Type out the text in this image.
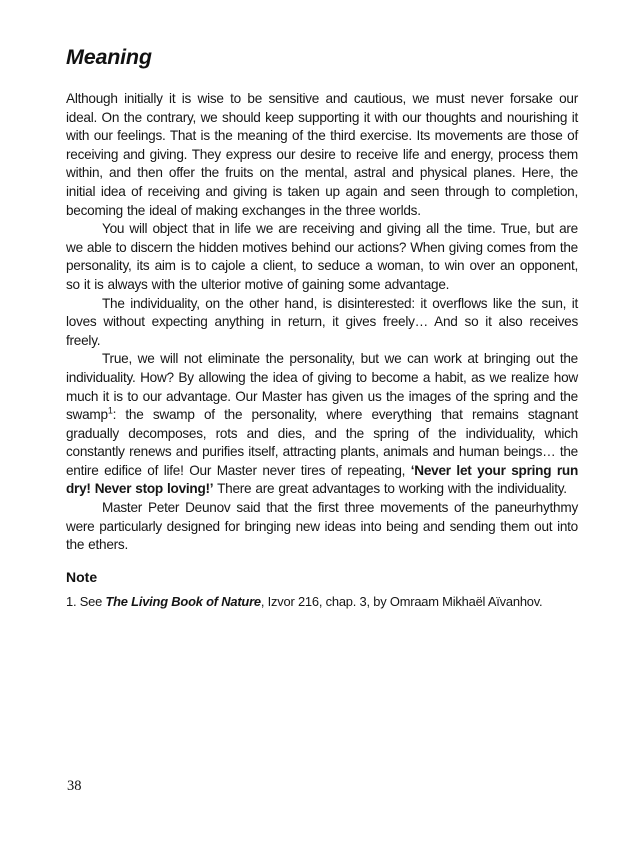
Meaning

Although initially it is wise to be sensitive and cautious, we must never forsake our ideal. On the contrary, we should keep supporting it with our thoughts and nourishing it with our feelings. That is the meaning of the third exercise. Its movements are those of receiving and giving. They express our desire to receive life and energy, process them within, and then offer the fruits on the mental, astral and physical planes. Here, the initial idea of receiving and giving is taken up again and seen through to completion, becoming the ideal of making exchanges in the three worlds.

You will object that in life we are receiving and giving all the time. True, but are we able to discern the hidden motives behind our actions? When giving comes from the personality, its aim is to cajole a client, to seduce a woman, to win over an opponent, so it is always with the ulterior motive of gaining some advantage.

The individuality, on the other hand, is disinterested: it overflows like the sun, it loves without expecting anything in return, it gives freely… And so it also receives freely.

True, we will not eliminate the personality, but we can work at bringing out the individuality. How? By allowing the idea of giving to become a habit, as we realize how much it is to our advantage. Our Master has given us the images of the spring and the swamp$^1$: the swamp of the personality, where everything that remains stagnant gradually decomposes, rots and dies, and the spring of the individuality, which constantly renews and purifies itself, attracting plants, animals and human beings… the entire edifice of life! Our Master never tires of repeating, ‘Never let your spring run dry! Never stop loving!’ There are great advantages to working with the individuality.

Master Peter Deunov said that the first three movements of the paneurhythmy were particularly designed for bringing new ideas into being and sending them out into the ethers.

Note

1. See The Living Book of Nature, Izvor 216, chap. 3, by Omraam Mikhaël Aïvanhov.

38
